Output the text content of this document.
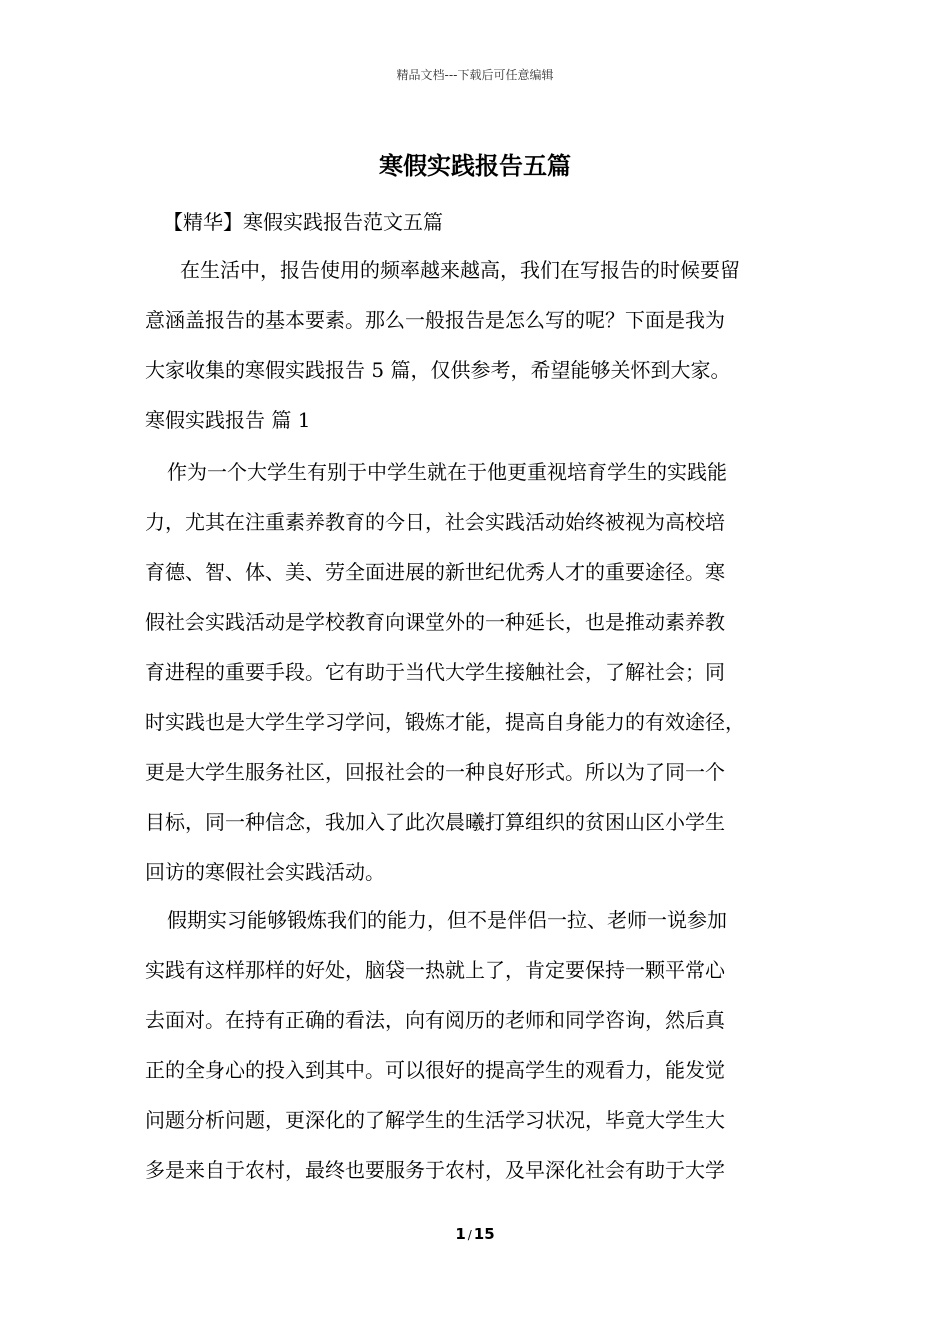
精品文档---下载后可任意编辑
寒假实践报告五篇
【精华】寒假实践报告范文五篇
在生活中，报告使用的频率越来越高，我们在写报告的时候要留
意涵盖报告的基本要素。那么一般报告是怎么写的呢？下面是我为
大家收集的寒假实践报告 5 篇，仅供参考，希望能够关怀到大家。
寒假实践报告 篇 1
作为一个大学生有别于中学生就在于他更重视培育学生的实践能
力，尤其在注重素养教育的今日，社会实践活动始终被视为高校培
育德、智、体、美、劳全面进展的新世纪优秀人才的重要途径。寒
假社会实践活动是学校教育向课堂外的一种延长，也是推动素养教
育进程的重要手段。它有助于当代大学生接触社会，了解社会；同
时实践也是大学生学习学问，锻炼才能，提高自身能力的有效途径，
更是大学生服务社区，回报社会的一种良好形式。所以为了同一个
目标，同一种信念，我加入了此次晨曦打算组织的贫困山区小学生
回访的寒假社会实践活动。
假期实习能够锻炼我们的能力，但不是伴侣一拉、老师一说参加
实践有这样那样的好处，脑袋一热就上了，肯定要保持一颗平常心
去面对。在持有正确的看法，向有阅历的老师和同学咨询，然后真
正的全身心的投入到其中。可以很好的提高学生的观看力，能发觉
问题分析问题，更深化的了解学生的生活学习状况，毕竟大学生大
多是来自于农村，最终也要服务于农村，及早深化社会有助于大学
1 / 15
